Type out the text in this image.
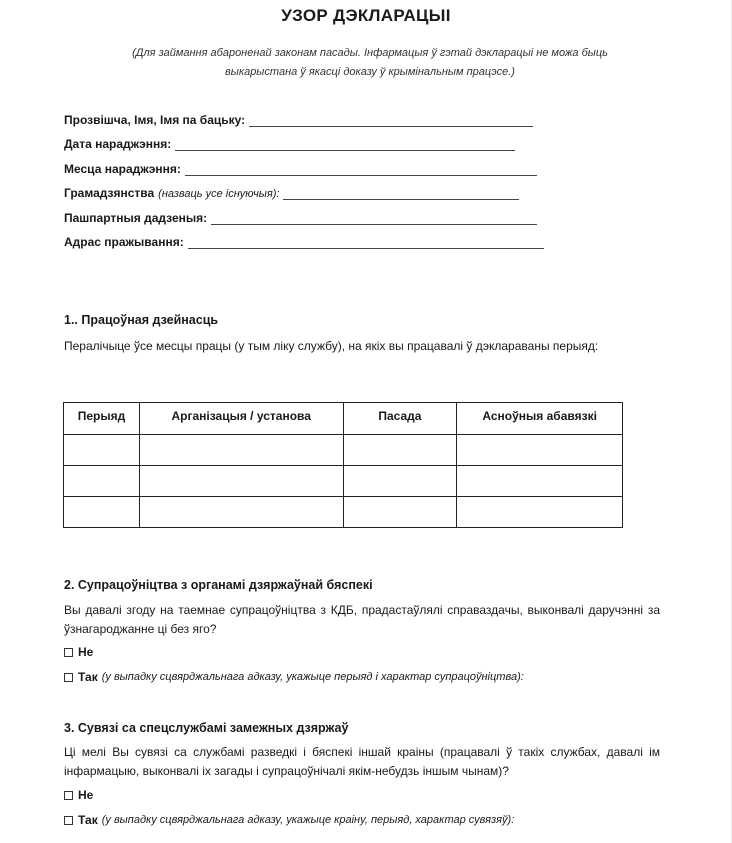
УЗОР ДЭКЛАРАЦЫІ
(Для займання абароненай законам пасады. Інфармацыя ў гэтай дэкларацыі не можа быць
выкарыстана ў якасці доказу ў крымінальным працэсе.)
Прозвішча, Імя, Імя па бацьку:
Дата нараджэння:
Месца нараджэння:
Грамадзянства (назваць усе існуючыя):
Пашпартныя дадзеныя:
Адрас пражывання:
1.. Працоўная дзейнасць
Пералічыце ўсе месцы працы (у тым ліку службу), на якіх вы працавалі ў дэклараваны перыяд:
Перыяд	Арганізацыя / установа	Пасада	Асноўныя абавязкі

2. Супрацоўніцтва з органамі дзяржаўнай бяспекі
Вы давалі згоду на таемнае супрацоўніцтва з КДБ, прадастаўлялі справаздачы, выконвалі даручэнні за ўзнагароджанне ці без яго?
Не
Так (у выпадку сцвярджальнага адказу, укажыце перыяд і характар супрацоўніцтва):
3. Сувязі са спецслужбамі замежных дзяржаў
Ці мелі Вы сувязі са службамі разведкі і бяспекі іншай краіны (працавалі ў такіх службах, давалі ім інфармацыю, выконвалі іх загады і супрацоўнічалі якім-небудзь іншым чынам)?
Не
Так (у выпадку сцвярджальнага адказу, укажыце краіну, перыяд, характар сувязяў):
